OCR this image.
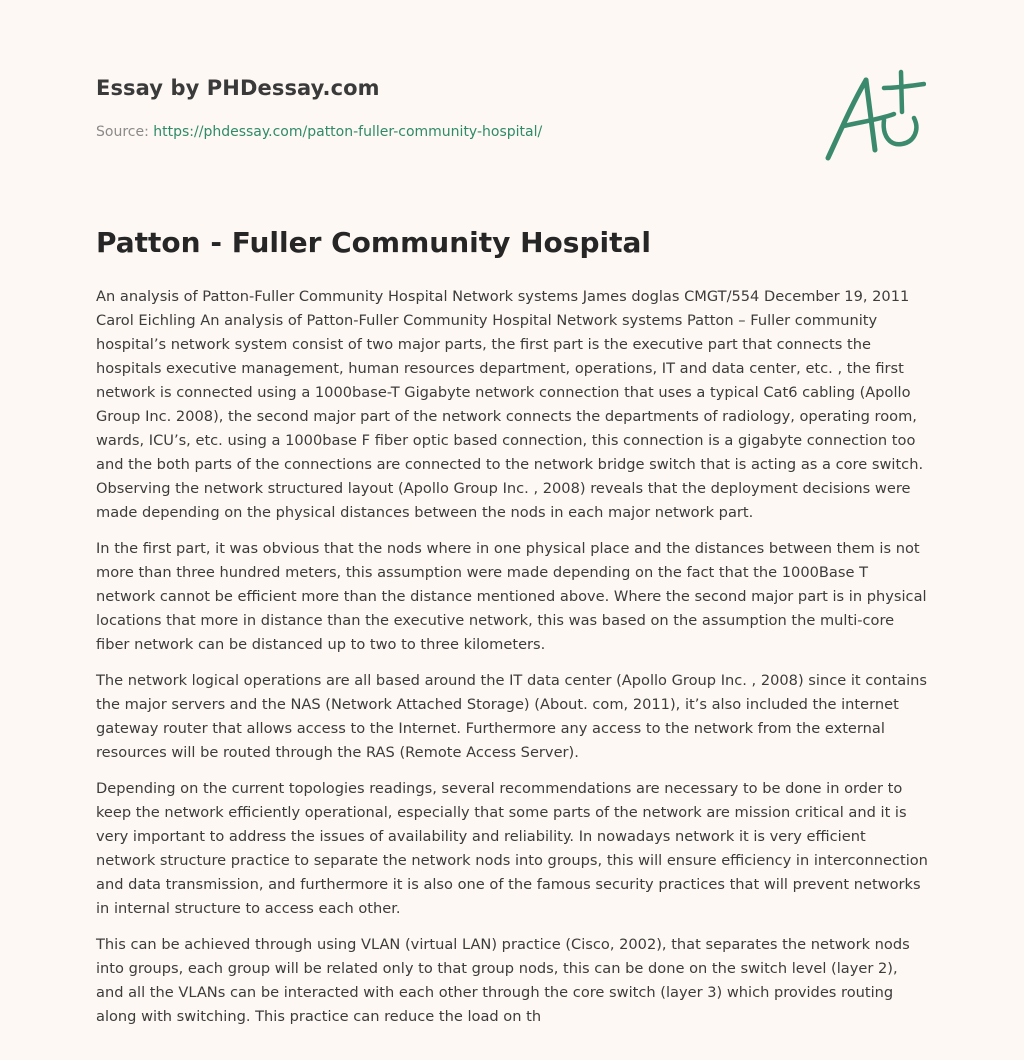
Essay by PHDessay.com
Source: https://phdessay.com/patton-fuller-community-hospital/
Patton - Fuller Community Hospital

An analysis of Patton-Fuller Community Hospital Network systems James doglas CMGT/554 December 19, 2011 Carol Eichling An analysis of Patton-Fuller Community Hospital Network systems Patton – Fuller community hospital’s network system consist of two major parts, the first part is the executive part that connects the hospitals executive management, human resources department, operations, IT and data center, etc. , the first network is connected using a 1000base-T Gigabyte network connection that uses a typical Cat6 cabling (Apollo Group Inc. 2008), the second major part of the network connects the departments of radiology, operating room, wards, ICU’s, etc. using a 1000base F fiber optic based connection, this connection is a gigabyte connection too and the both parts of the connections are connected to the network bridge switch that is acting as a core switch. Observing the network structured layout (Apollo Group Inc. , 2008) reveals that the deployment decisions were made depending on the physical distances between the nods in each major network part.

In the first part, it was obvious that the nods where in one physical place and the distances between them is not more than three hundred meters, this assumption were made depending on the fact that the 1000Base T network cannot be efficient more than the distance mentioned above. Where the second major part is in physical locations that more in distance than the executive network, this was based on the assumption the multi-core fiber network can be distanced up to two to three kilometers.

The network logical operations are all based around the IT data center (Apollo Group Inc. , 2008) since it contains the major servers and the NAS (Network Attached Storage) (About. com, 2011), it’s also included the internet gateway router that allows access to the Internet. Furthermore any access to the network from the external resources will be routed through the RAS (Remote Access Server).

Depending on the current topologies readings, several recommendations are necessary to be done in order to keep the network efficiently operational, especially that some parts of the network are mission critical and it is very important to address the issues of availability and reliability. In nowadays network it is very efficient network structure practice to separate the network nods into groups, this will ensure efficiency in interconnection and data transmission, and furthermore it is also one of the famous security practices that will prevent networks in internal structure to access each other.

This can be achieved through using VLAN (virtual LAN) practice (Cisco, 2002), that separates the network nods into groups, each group will be related only to that group nods, this can be done on the switch level (layer 2), and all the VLANs can be interacted with each other through the core switch (layer 3) which provides routing along with switching. This practice can reduce the load on th
